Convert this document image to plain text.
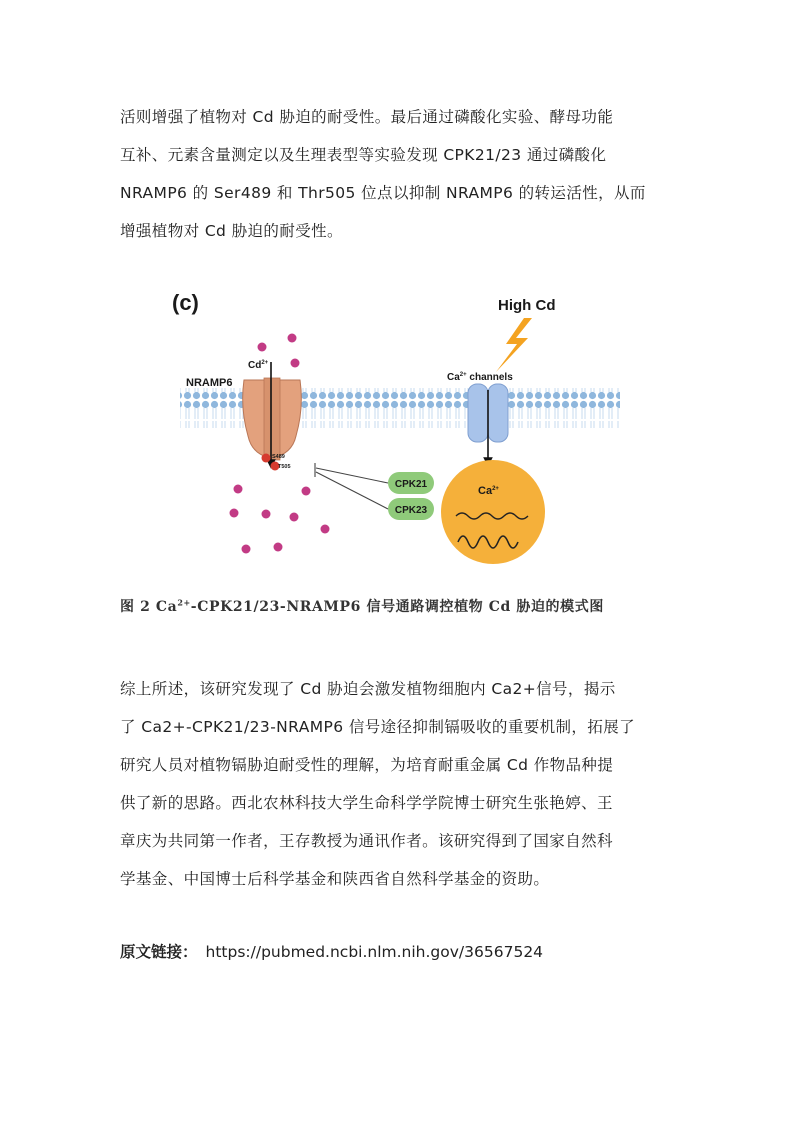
活则增强了植物对 Cd 胁迫的耐受性。最后通过磷酸化实验、酵母功能
互补、元素含量测定以及生理表型等实验发现 CPK21/23 通过磷酸化
NRAMP6 的 Ser489 和 Thr505 位点以抑制 NRAMP6 的转运活性，从而
增强植物对 Cd 胁迫的耐受性。
(c)	High Cd
$Cd^{2+}$
NRAMP6
S489
T505
CPK21
CPK23
$Ca^{2+}$ channels
$Ca^{2+}$
图 2 $Ca^{2+}-CPK21/23-NRAMP6$ 信号通路调控植物 Cd 胁迫的模式图
综上所述，该研究发现了 Cd 胁迫会激发植物细胞内 Ca2+信号，揭示
了 Ca2+-CPK21/23-NRAMP6 信号途径抑制镉吸收的重要机制，拓展了
研究人员对植物镉胁迫耐受性的理解，为培育耐重金属 Cd 作物品种提
供了新的思路。西北农林科技大学生命科学学院博士研究生张艳婷、王
章庆为共同第一作者，王存教授为通讯作者。该研究得到了国家自然科
学基金、中国博士后科学基金和陕西省自然科学基金的资助。
原文链接： https://pubmed.ncbi.nlm.nih.gov/36567524
